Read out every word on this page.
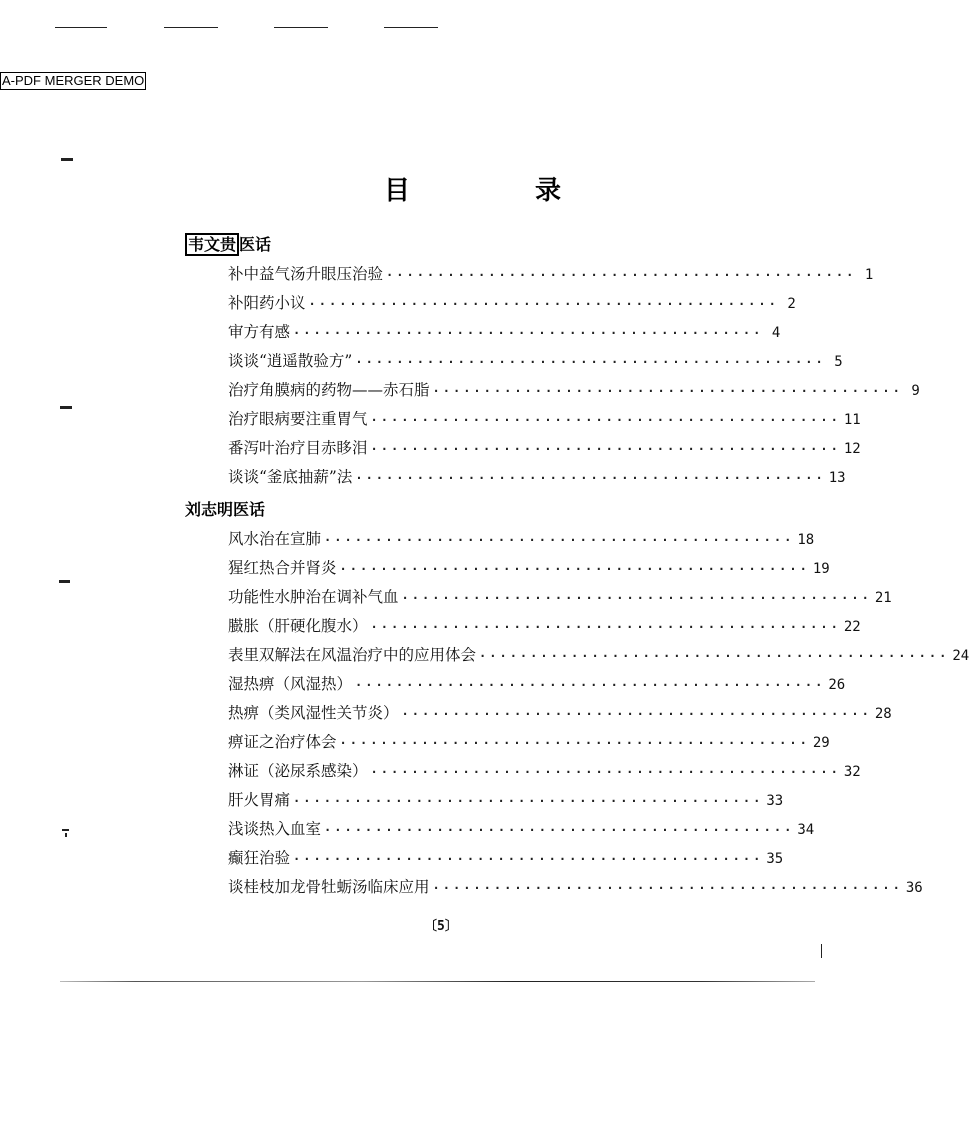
A-PDF MERGER DEMO
目 录
韦文贵 医话
补中益气汤升眼压治验 ·············································· 1
补阳药小议 ·············································· 2
审方有感 ·············································· 4
谈谈“逍遥散验方” ·············································· 5
治疗角膜病的药物——赤石脂 ·············································· 9
治疗眼病要注重胃气 ·············································· 11
番泻叶治疗目赤眵泪 ·············································· 12
谈谈“釜底抽薪”法 ·············································· 13
刘志明医话
风水治在宣肺 ·············································· 18
猩红热合并肾炎 ·············································· 19
功能性水肿治在调补气血 ·············································· 21
臌胀（肝硬化腹水） ·············································· 22
表里双解法在风温治疗中的应用体会 ·············································· 24
湿热痹（风湿热） ·············································· 26
热痹（类风湿性关节炎） ·············································· 28
痹证之治疗体会 ·············································· 29
淋证（泌尿系感染） ·············································· 32
肝火胃痛 ·············································· 33
浅谈热入血室 ·············································· 34
癫狂治验 ·············································· 35
谈桂枝加龙骨牡蛎汤临床应用 ·············································· 36
〔5〕
